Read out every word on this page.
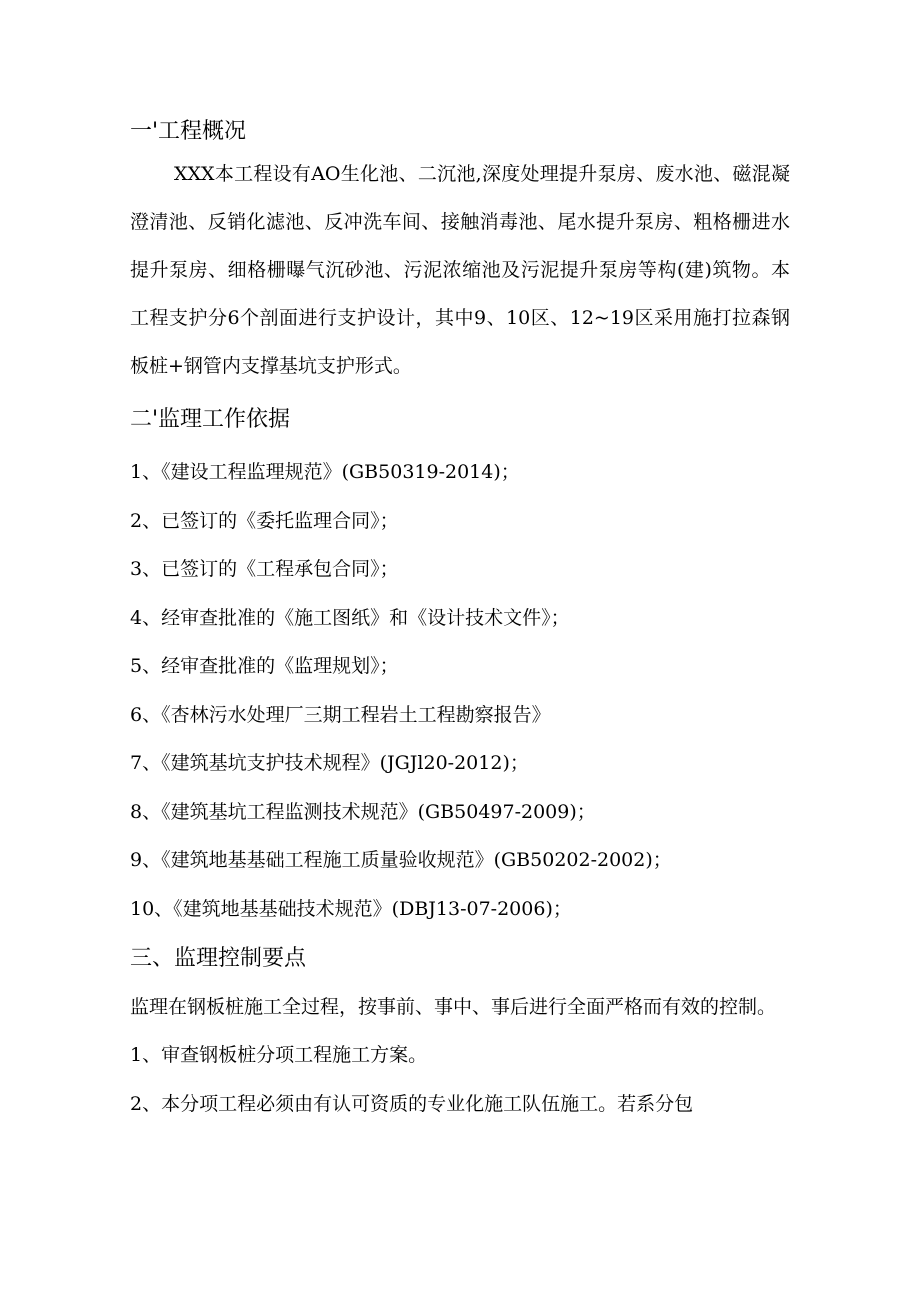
一'工程概况

XXX本工程设有AO生化池、二沉池,深度处理提升泵房、废水池、磁混凝澄清池、反销化滤池、反冲洗车间、接触消毒池、尾水提升泵房、粗格栅进水提升泵房、细格栅曝气沉砂池、污泥浓缩池及污泥提升泵房等构(建)筑物。本工程支护分6个剖面进行支护设计，其中9、10区、12~19区采用施打拉森钢板桩+钢管内支撑基坑支护形式。

二'监理工作依据
1、《建设工程监理规范》(GB50319-2014)；
2、已签订的《委托监理合同》；
3、已签订的《工程承包合同》；
4、经审查批准的《施工图纸》和《设计技术文件》；
5、经审查批准的《监理规划》；
6、《杏林污水处理厂三期工程岩土工程勘察报告》
7、《建筑基坑支护技术规程》(JGJl20-2012)；
8、《建筑基坑工程监测技术规范》(GB50497-2009)；
9、《建筑地基基础工程施工质量验收规范》(GB50202-2002)；
10、《建筑地基基础技术规范》(DBJ13-07-2006)；
三、监理控制要点

监理在钢板桩施工全过程，按事前、事中、事后进行全面严格而有效的控制。

1、审查钢板桩分项工程施工方案。
2、本分项工程必须由有认可资质的专业化施工队伍施工。若系分包
